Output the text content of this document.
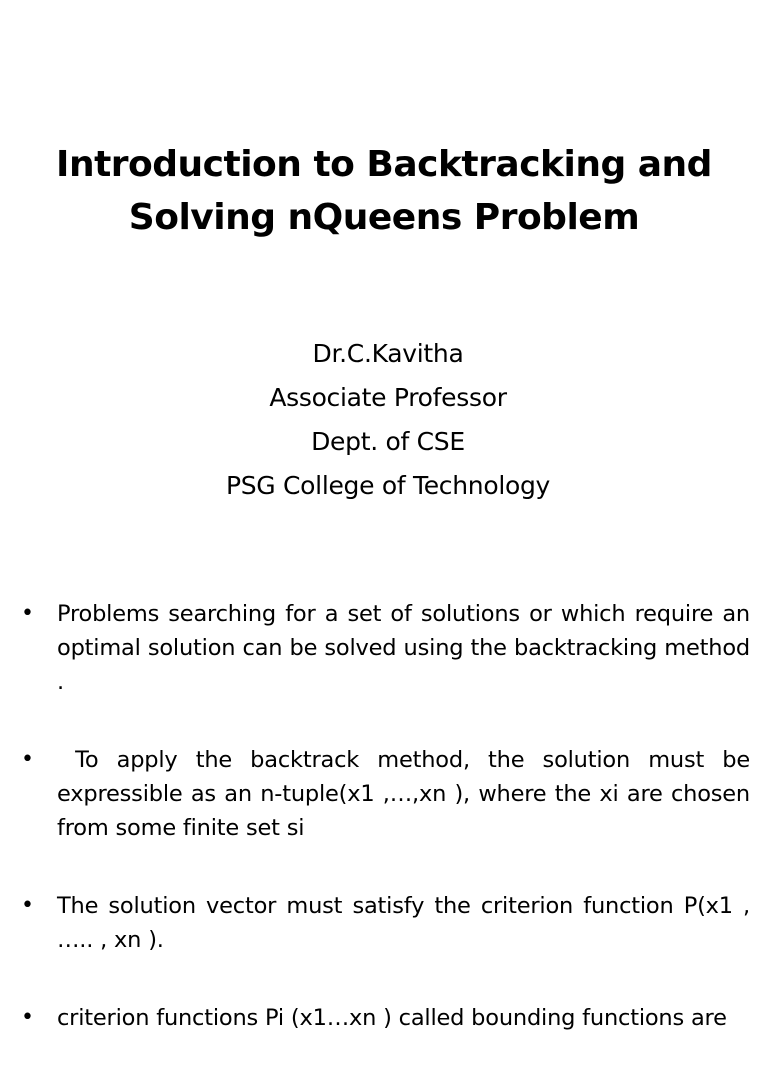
Introduction to Backtracking and
Solving nQueens Problem
Dr.C.Kavitha
Associate Professor
Dept. of CSE
PSG College of Technology
• Problems searching for a set of solutions or which require an optimal solution can be solved using the backtracking method .
• To apply the backtrack method, the solution must be expressible as an n-tuple(x1 ,…,xn ), where the xi are chosen from some finite set si
• The solution vector must satisfy the criterion function P(x1 , ….. , xn ).
• criterion functions Pi (x1…xn ) called bounding functions are
